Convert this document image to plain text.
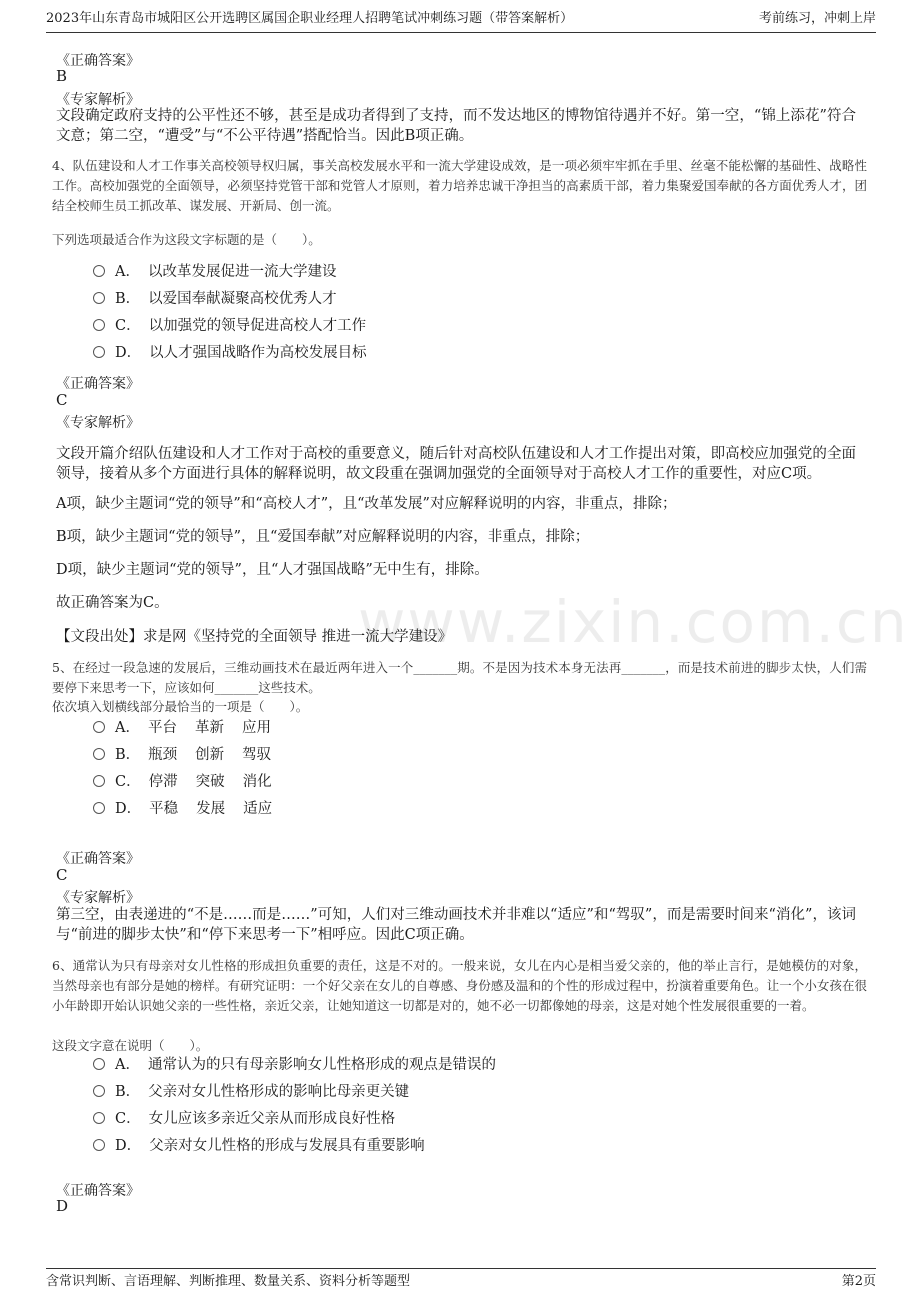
2023年山东青岛市城阳区公开选聘区属国企职业经理人招聘笔试冲刺练习题（带答案解析）	考前练习，冲刺上岸
www.zixin.com.cn
《正确答案》
B
《专家解析》
文段确定政府支持的公平性还不够，甚至是成功者得到了支持，而不发达地区的博物馆待遇并不好。第一空，“锦上添花”符合文意；第二空，“遭受”与“不公平待遇”搭配恰当。因此B项正确。
4、队伍建设和人才工作事关高校领导权归属，事关高校发展水平和一流大学建设成效，是一项必须牢牢抓在手里、丝毫不能松懈的基础性、战略性工作。高校加强党的全面领导，必须坚持党管干部和党管人才原则，着力培养忠诚干净担当的高素质干部，着力集聚爱国奉献的各方面优秀人才，团结全校师生员工抓改革、谋发展、开新局、创一流。
下列选项最适合作为这段文字标题的是（　　）。
A． 以改革发展促进一流大学建设
B． 以爱国奉献凝聚高校优秀人才
C． 以加强党的领导促进高校人才工作
D． 以人才强国战略作为高校发展目标
《正确答案》
C
《专家解析》
文段开篇介绍队伍建设和人才工作对于高校的重要意义，随后针对高校队伍建设和人才工作提出对策，即高校应加强党的全面领导，接着从多个方面进行具体的解释说明，故文段重在强调加强党的全面领导对于高校人才工作的重要性，对应C项。
A项，缺少主题词“党的领导”和“高校人才”，且“改革发展”对应解释说明的内容，非重点，排除；
B项，缺少主题词“党的领导”，且“爱国奉献”对应解释说明的内容，非重点，排除；
D项，缺少主题词“党的领导”，且“人才强国战略”无中生有，排除。
故正确答案为C。
【文段出处】求是网《坚持党的全面领导 推进一流大学建设》
5、在经过一段急速的发展后，三维动画技术在最近两年进入一个_______期。不是因为技术本身无法再_______，而是技术前进的脚步太快，人们需要停下来思考一下，应该如何_______这些技术。
依次填入划横线部分最恰当的一项是（　　）。
A． 平台 革新 应用
B． 瓶颈 创新 驾驭
C． 停滞 突破 消化
D． 平稳 发展 适应
《正确答案》
C
《专家解析》
第三空，由表递进的“不是……而是……”可知，人们对三维动画技术并非难以“适应”和“驾驭”，而是需要时间来“消化”，该词与“前进的脚步太快”和“停下来思考一下”相呼应。因此C项正确。
6、通常认为只有母亲对女儿性格的形成担负重要的责任，这是不对的。一般来说，女儿在内心是相当爱父亲的，他的举止言行，是她模仿的对象，当然母亲也有部分是她的榜样。有研究证明：一个好父亲在女儿的自尊感、身份感及温和的个性的形成过程中，扮演着重要角色。让一个小女孩在很小年龄即开始认识她父亲的一些性格，亲近父亲，让她知道这一切都是对的，她不必一切都像她的母亲，这是对她个性发展很重要的一着。
这段文字意在说明（　　）。
A． 通常认为的只有母亲影响女儿性格形成的观点是错误的
B． 父亲对女儿性格形成的影响比母亲更关键
C． 女儿应该多亲近父亲从而形成良好性格
D． 父亲对女儿性格的形成与发展具有重要影响
《正确答案》
D
含常识判断、言语理解、判断推理、数量关系、资料分析等题型	第2页
